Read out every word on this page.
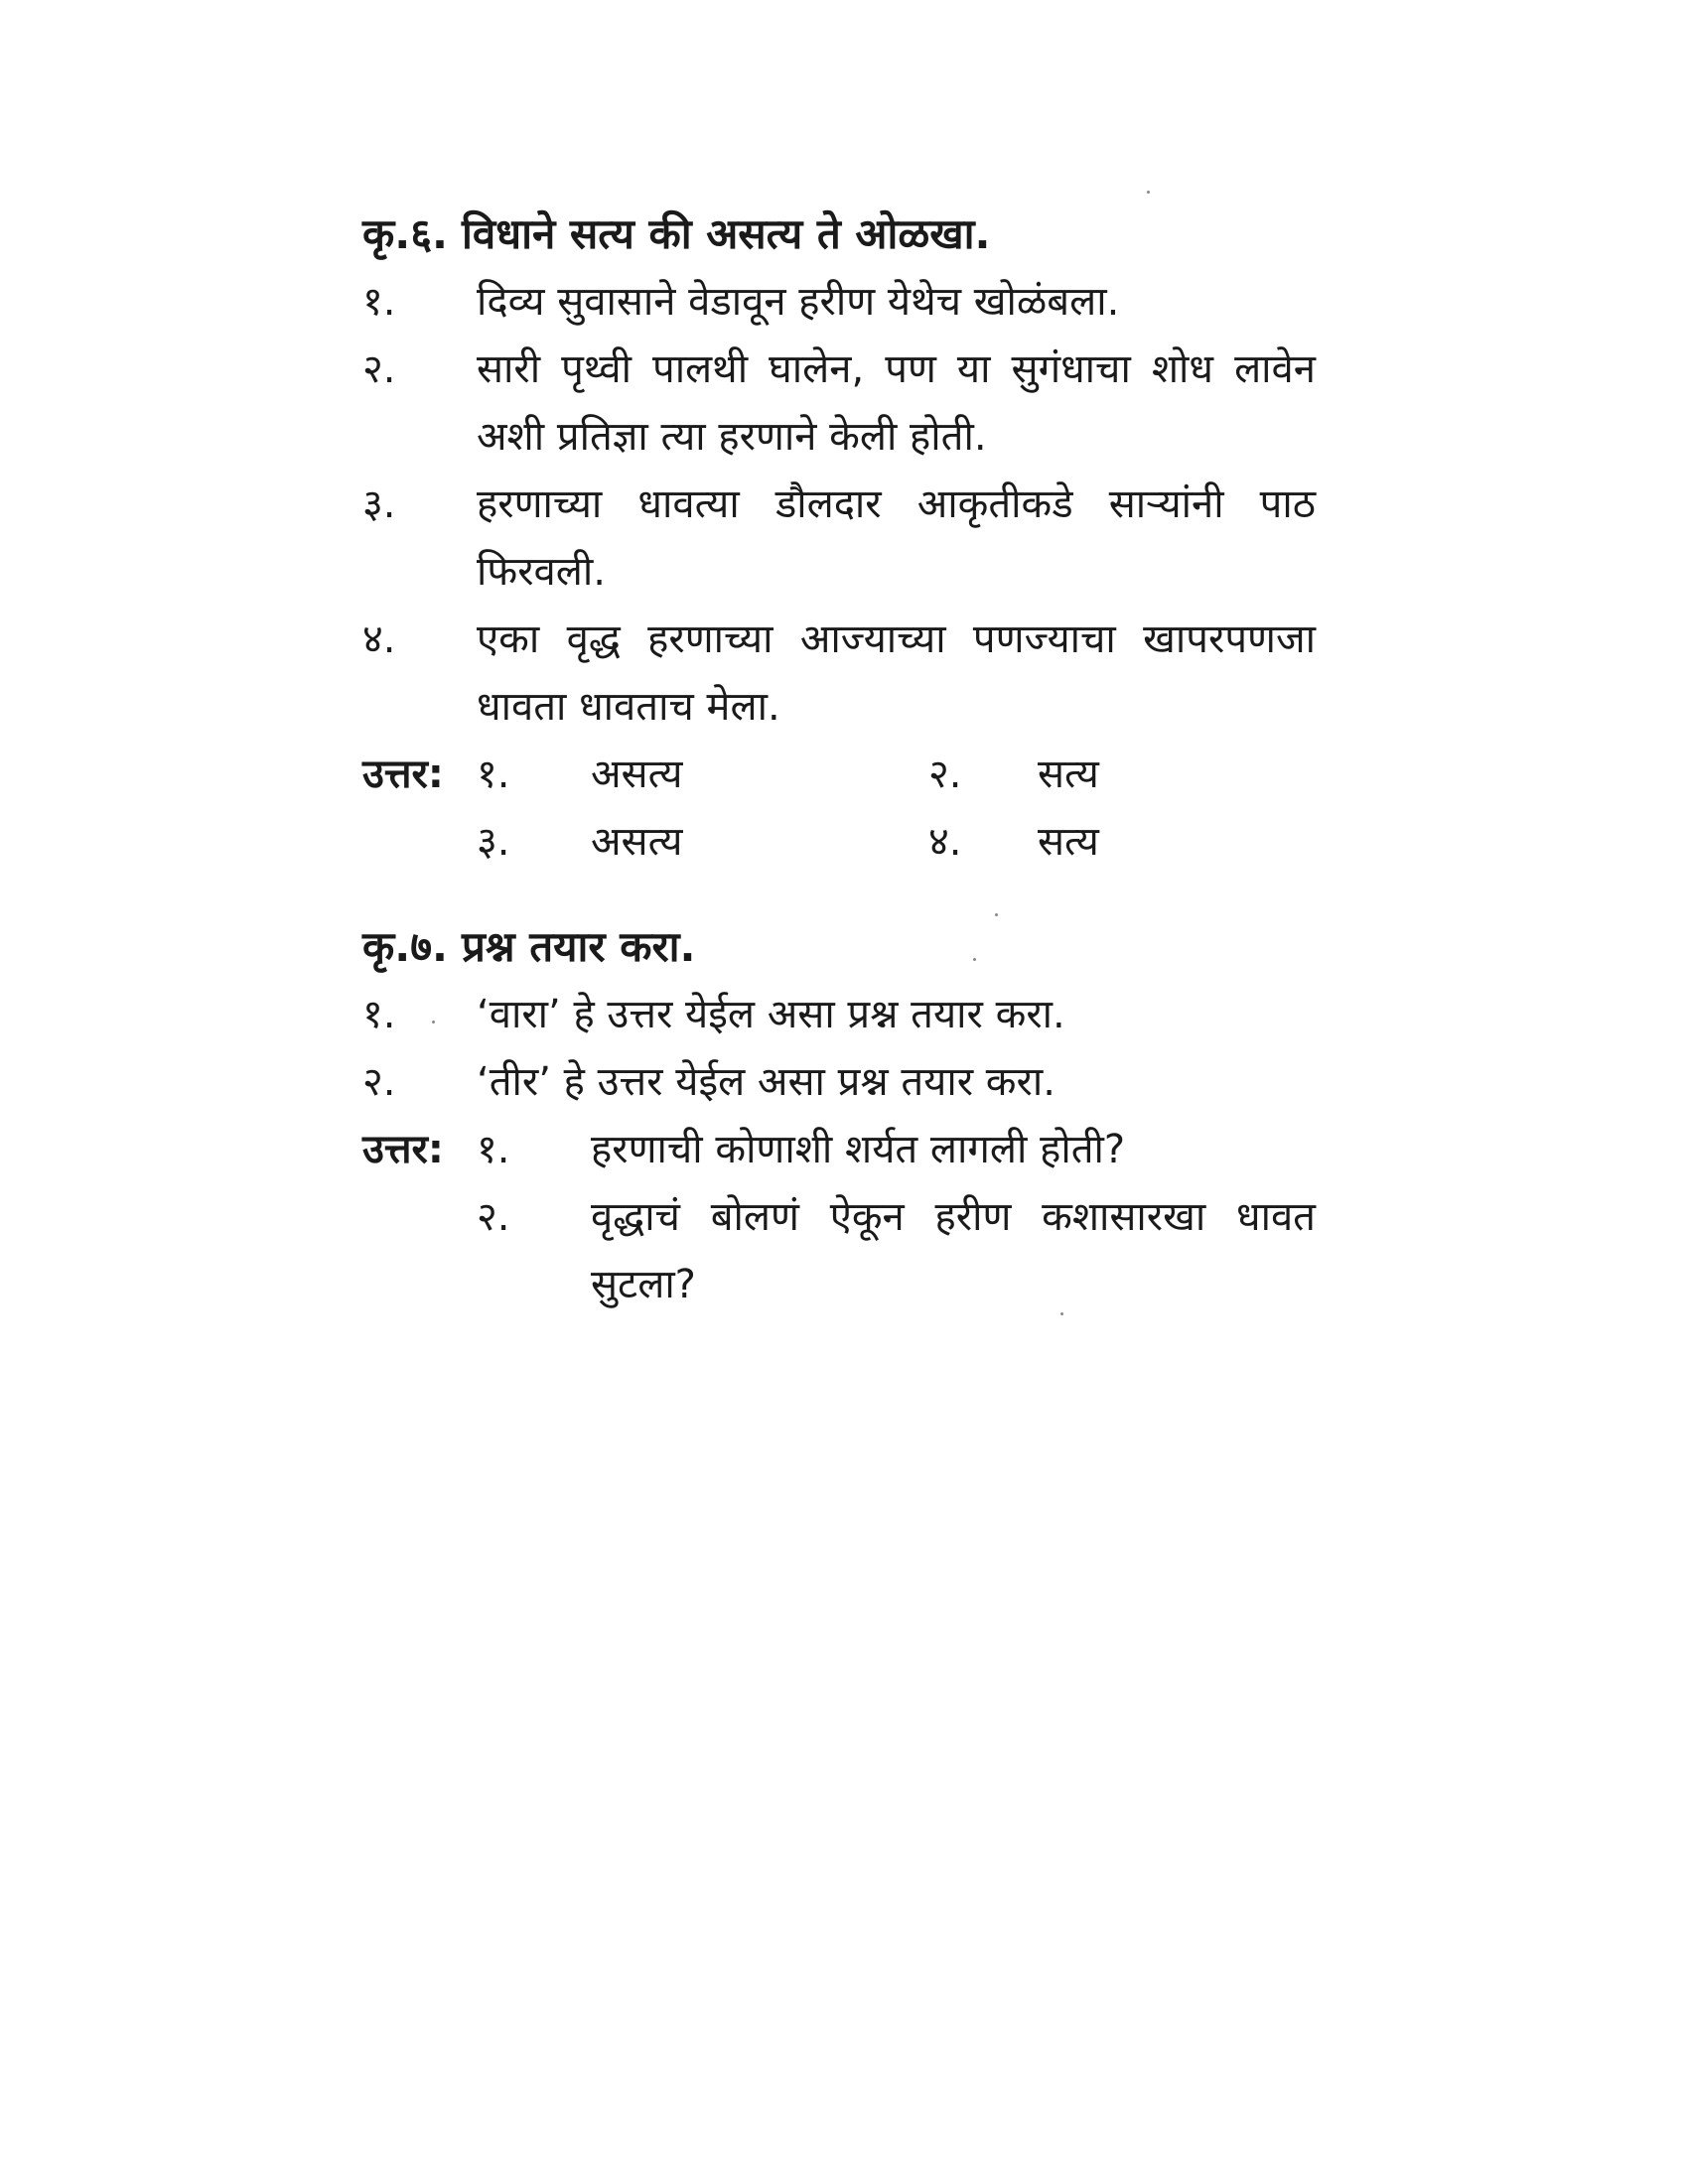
कृ.६. विधाने सत्य की असत्य ते ओळखा.
१.	दिव्य सुवासाने वेडावून हरीण येथेच खोळंबला.
२.	सारी पृथ्वी पालथी घालेन, पण या सुगंधाचा शोध लावेन अशी प्रतिज्ञा त्या हरणाने केली होती.
३.	हरणाच्या धावत्या डौलदार आकृतीकडे साऱ्यांनी पाठ फिरवली.
४.	एका वृद्ध हरणाच्या आज्याच्या पणज्याचा खापरपणजा धावता धावताच मेला.
उत्तर: १.	असत्य	२.	सत्य
३.	असत्य	४.	सत्य
कृ.७. प्रश्न तयार करा.
१.	‘वारा’ हे उत्तर येईल असा प्रश्न तयार करा.
२.	‘तीर’ हे उत्तर येईल असा प्रश्न तयार करा.
उत्तर: १.	हरणाची कोणाशी शर्यत लागली होती?
२.	वृद्धाचं बोलणं ऐकून हरीण कशासारखा धावत सुटला?
